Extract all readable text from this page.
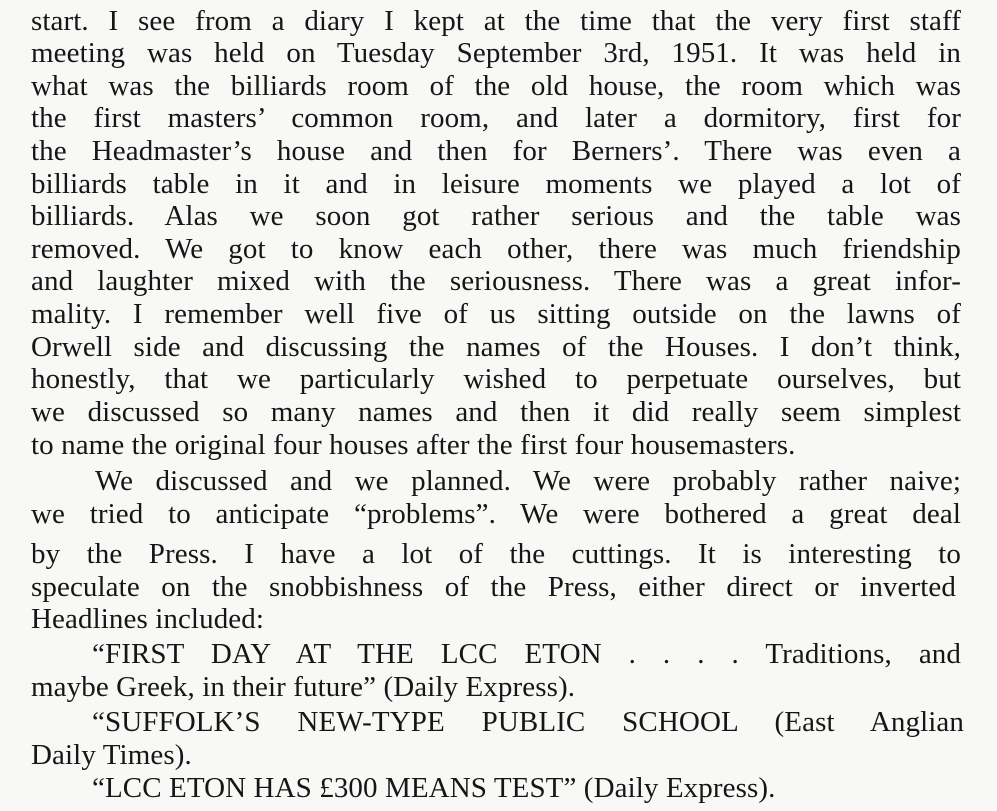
start. I see from a diary I kept at the time that the very first staff
meeting was held on Tuesday September 3rd, 1951. It was held in
what was the billiards room of the old house, the room which was
the first masters’ common room, and later a dormitory, first for
the Headmaster’s house and then for Berners’. There was even a
billiards table in it and in leisure moments we played a lot of
billiards. Alas we soon got rather serious and the table was
removed. We got to know each other, there was much friendship
and laughter mixed with the seriousness. There was a great infor-
mality. I remember well five of us sitting outside on the lawns of
Orwell side and discussing the names of the Houses. I don’t think,
honestly, that we particularly wished to perpetuate ourselves, but
we discussed so many names and then it did really seem simplest
to name the original four houses after the first four housemasters.
We discussed and we planned. We were probably rather naive;
we tried to anticipate “problems”. We were bothered a great deal
by the Press. I have a lot of the cuttings. It is interesting to
speculate on the snobbishness of the Press, either direct or inverted
Headlines included:
“FIRST DAY AT THE LCC ETON . . . . Traditions, and
maybe Greek, in their future” (Daily Express).
“SUFFOLK’S NEW-TYPE PUBLIC SCHOOL (East Anglian
Daily Times).
“LCC ETON HAS £300 MEANS TEST” (Daily Express).
